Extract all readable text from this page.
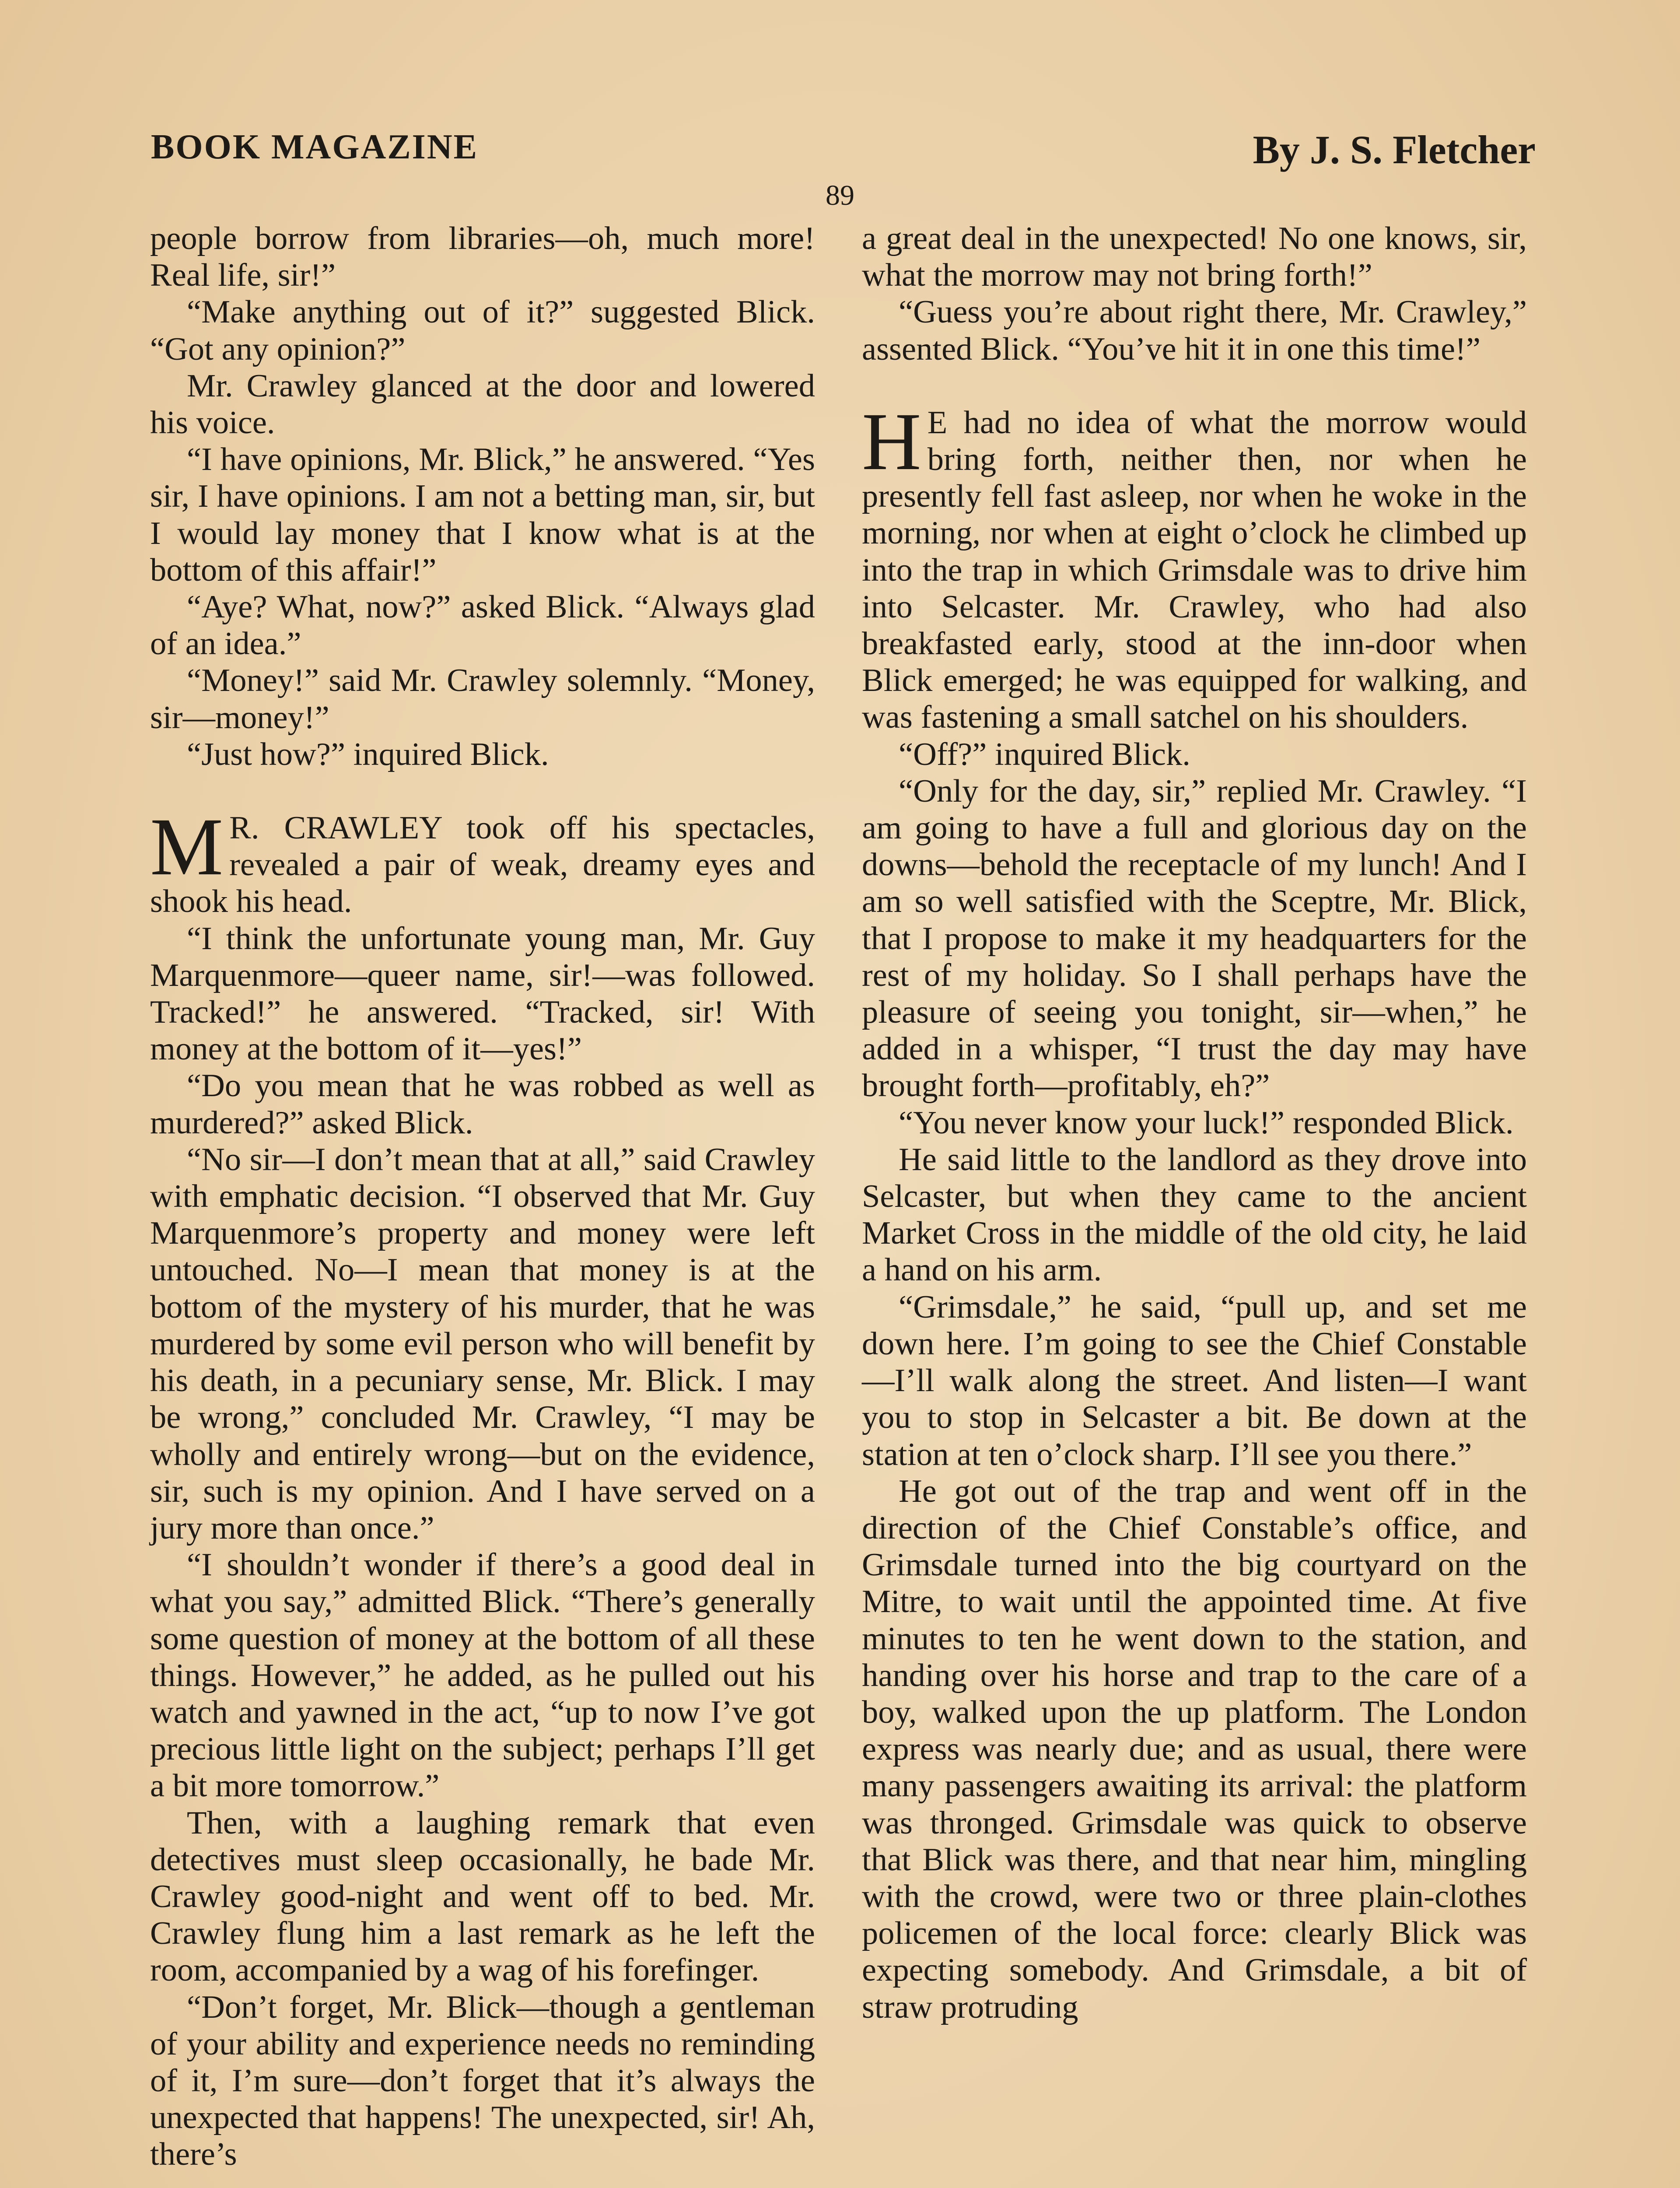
BOOK MAGAZINE	By J. S. Fletcher
89

people borrow from libraries—oh, much more! Real life, sir!”

“Make anything out of it?” suggested Blick. “Got any opinion?”

Mr. Crawley glanced at the door and lowered his voice.

“I have opinions, Mr. Blick,” he answered. “Yes sir, I have opinions. I am not a betting man, sir, but I would lay money that I know what is at the bottom of this affair!”

“Aye? What, now?” asked Blick. “Always glad of an idea.”

“Money!” said Mr. Crawley solemnly. “Money, sir—money!”

“Just how?” inquired Blick.

M R. CRAWLEY took off his spectacles, revealed a pair of weak, dreamy eyes and shook his head.

“I think the unfortunate young man, Mr. Guy Marquenmore—queer name, sir!—was followed. Tracked!” he answered. “Tracked, sir! With money at the bottom of it—yes!”

“Do you mean that he was robbed as well as murdered?” asked Blick.

“No sir—I don’t mean that at all,” said Crawley with emphatic decision. “I observed that Mr. Guy Marquenmore’s property and money were left untouched. No—I mean that money is at the bottom of the mystery of his murder, that he was murdered by some evil person who will benefit by his death, in a pecuniary sense, Mr. Blick. I may be wrong,” concluded Mr. Crawley, “I may be wholly and entirely wrong—but on the evidence, sir, such is my opinion. And I have served on a jury more than once.”

“I shouldn’t wonder if there’s a good deal in what you say,” admitted Blick. “There’s generally some question of money at the bottom of all these things. However,” he added, as he pulled out his watch and yawned in the act, “up to now I’ve got precious little light on the subject; perhaps I’ll get a bit more tomorrow.”

Then, with a laughing remark that even detectives must sleep occasionally, he bade Mr. Crawley good-night and went off to bed. Mr. Crawley flung him a last remark as he left the room, accompanied by a wag of his forefinger.

“Don’t forget, Mr. Blick—though a gentleman of your ability and experience needs no reminding of it, I’m sure—don’t forget that it’s always the unexpected that happens! The unexpected, sir! Ah, there’s

a great deal in the unexpected! No one knows, sir, what the morrow may not bring forth!”

“Guess you’re about right there, Mr. Crawley,” assented Blick. “You’ve hit it in one this time!”

H E had no idea of what the morrow would bring forth, neither then, nor when he presently fell fast asleep, nor when he woke in the morning, nor when at eight o’clock he climbed up into the trap in which Grimsdale was to drive him into Selcaster. Mr. Crawley, who had also breakfasted early, stood at the inn-door when Blick emerged; he was equipped for walking, and was fastening a small satchel on his shoulders.

“Off?” inquired Blick.

“Only for the day, sir,” replied Mr. Crawley. “I am going to have a full and glorious day on the downs—behold the receptacle of my lunch! And I am so well satisfied with the Sceptre, Mr. Blick, that I propose to make it my headquarters for the rest of my holiday. So I shall perhaps have the pleasure of seeing you tonight, sir—when,” he added in a whisper, “I trust the day may have brought forth—profitably, eh?”

“You never know your luck!” responded Blick.

He said little to the landlord as they drove into Selcaster, but when they came to the ancient Market Cross in the middle of the old city, he laid a hand on his arm.

“Grimsdale,” he said, “pull up, and set me down here. I’m going to see the Chief Constable—I’ll walk along the street. And listen—I want you to stop in Selcaster a bit. Be down at the station at ten o’clock sharp. I’ll see you there.”

He got out of the trap and went off in the direction of the Chief Constable’s office, and Grimsdale turned into the big courtyard on the Mitre, to wait until the appointed time. At five minutes to ten he went down to the station, and handing over his horse and trap to the care of a boy, walked upon the up platform. The London express was nearly due; and as usual, there were many passengers awaiting its arrival: the platform was thronged. Grimsdale was quick to observe that Blick was there, and that near him, mingling with the crowd, were two or three plain-clothes policemen of the local force: clearly Blick was expecting somebody. And Grimsdale, a bit of straw protruding
